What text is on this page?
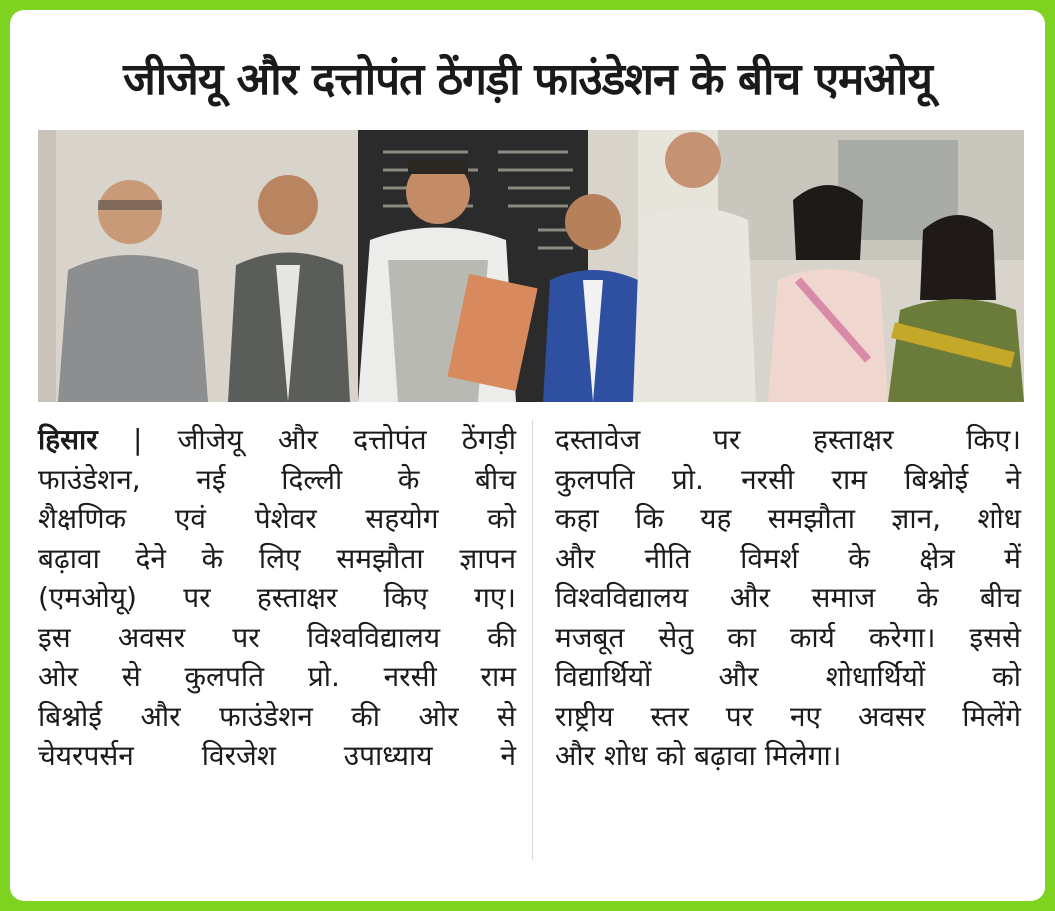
जीजेयू और दत्तोपंत ठेंगड़ी फाउंडेशन के बीच एमओयू
हिसार | जीजेयू और दत्तोपंत ठेंगड़ी
फाउंडेशन, नई दिल्ली के बीच
शैक्षणिक एवं पेशेवर सहयोग को
बढ़ावा देने के लिए समझौता ज्ञापन
(एमओयू) पर हस्ताक्षर किए गए।
इस अवसर पर विश्वविद्यालय की
ओर से कुलपति प्रो. नरसी राम
बिश्नोई और फाउंडेशन की ओर से
चेयरपर्सन विरजेश उपाध्याय ने
दस्तावेज पर हस्ताक्षर किए।
कुलपति प्रो. नरसी राम बिश्नोई ने
कहा कि यह समझौता ज्ञान, शोध
और नीति विमर्श के क्षेत्र में
विश्वविद्यालय और समाज के बीच
मजबूत सेतु का कार्य करेगा। इससे
विद्यार्थियों और शोधार्थियों को
राष्ट्रीय स्तर पर नए अवसर मिलेंगे
और शोध को बढ़ावा मिलेगा।
